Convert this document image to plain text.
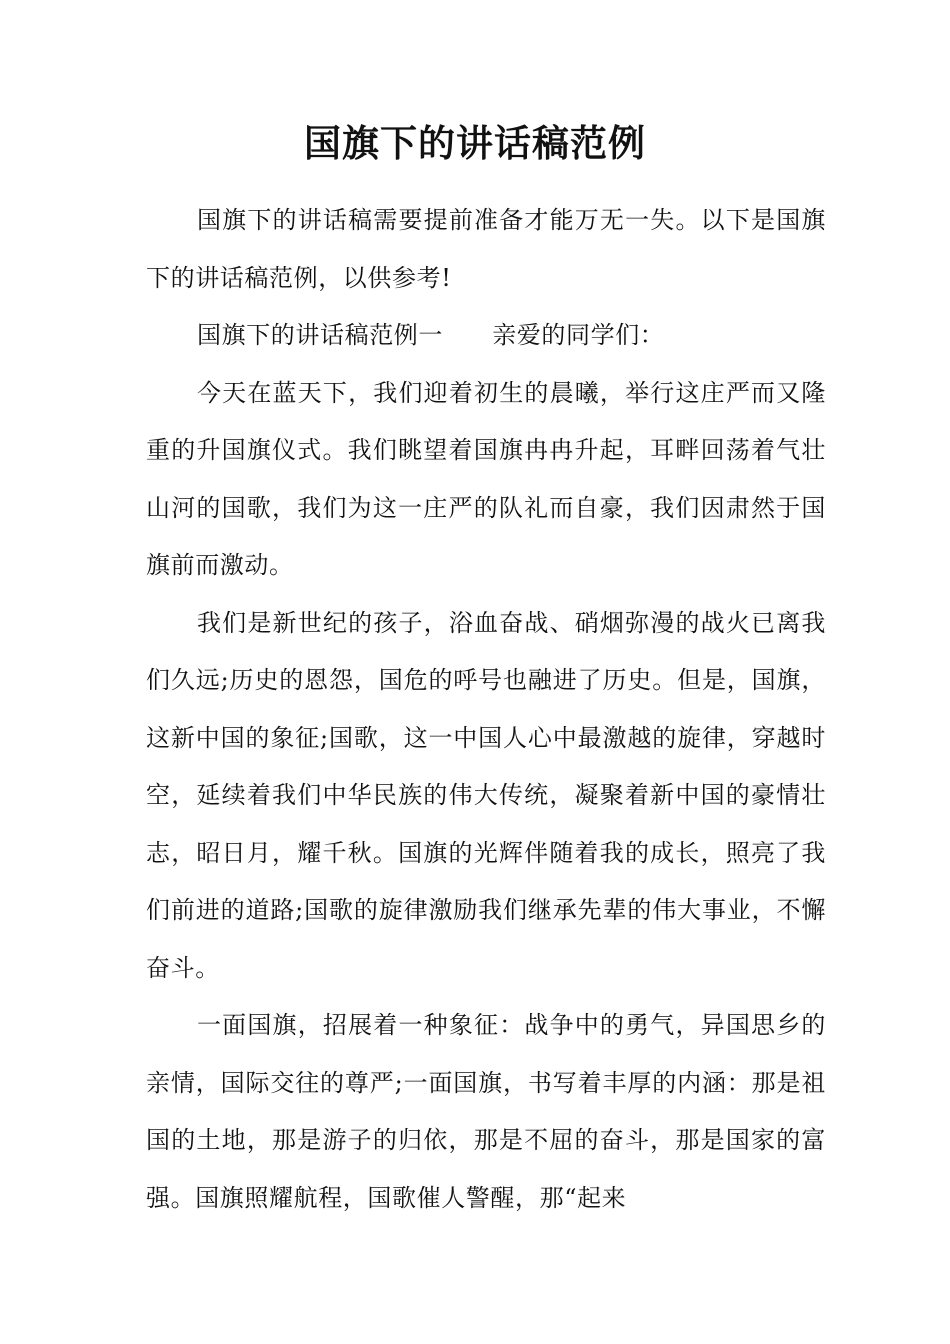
国旗下的讲话稿范例

国旗下的讲话稿需要提前准备才能万无一失。以下是国旗下的讲话稿范例，以供参考!

国旗下的讲话稿范例一　　亲爱的同学们：

今天在蓝天下，我们迎着初生的晨曦，举行这庄严而又隆重的升国旗仪式。我们眺望着国旗冉冉升起，耳畔回荡着气壮山河的国歌，我们为这一庄严的队礼而自豪，我们因肃然于国旗前而激动。

我们是新世纪的孩子，浴血奋战、硝烟弥漫的战火已离我们久远;历史的恩怨，国危的呼号也融进了历史。但是，国旗，这新中国的象征;国歌，这一中国人心中最激越的旋律，穿越时空，延续着我们中华民族的伟大传统，凝聚着新中国的豪情壮志，昭日月，耀千秋。国旗的光辉伴随着我的成长，照亮了我们前进的道路;国歌的旋律激励我们继承先辈的伟大事业，不懈奋斗。

一面国旗，招展着一种象征：战争中的勇气，异国思乡的亲情，国际交往的尊严;一面国旗，书写着丰厚的内涵：那是祖国的土地，那是游子的归依，那是不屈的奋斗，那是国家的富强。国旗照耀航程，国歌催人警醒，那“起来
